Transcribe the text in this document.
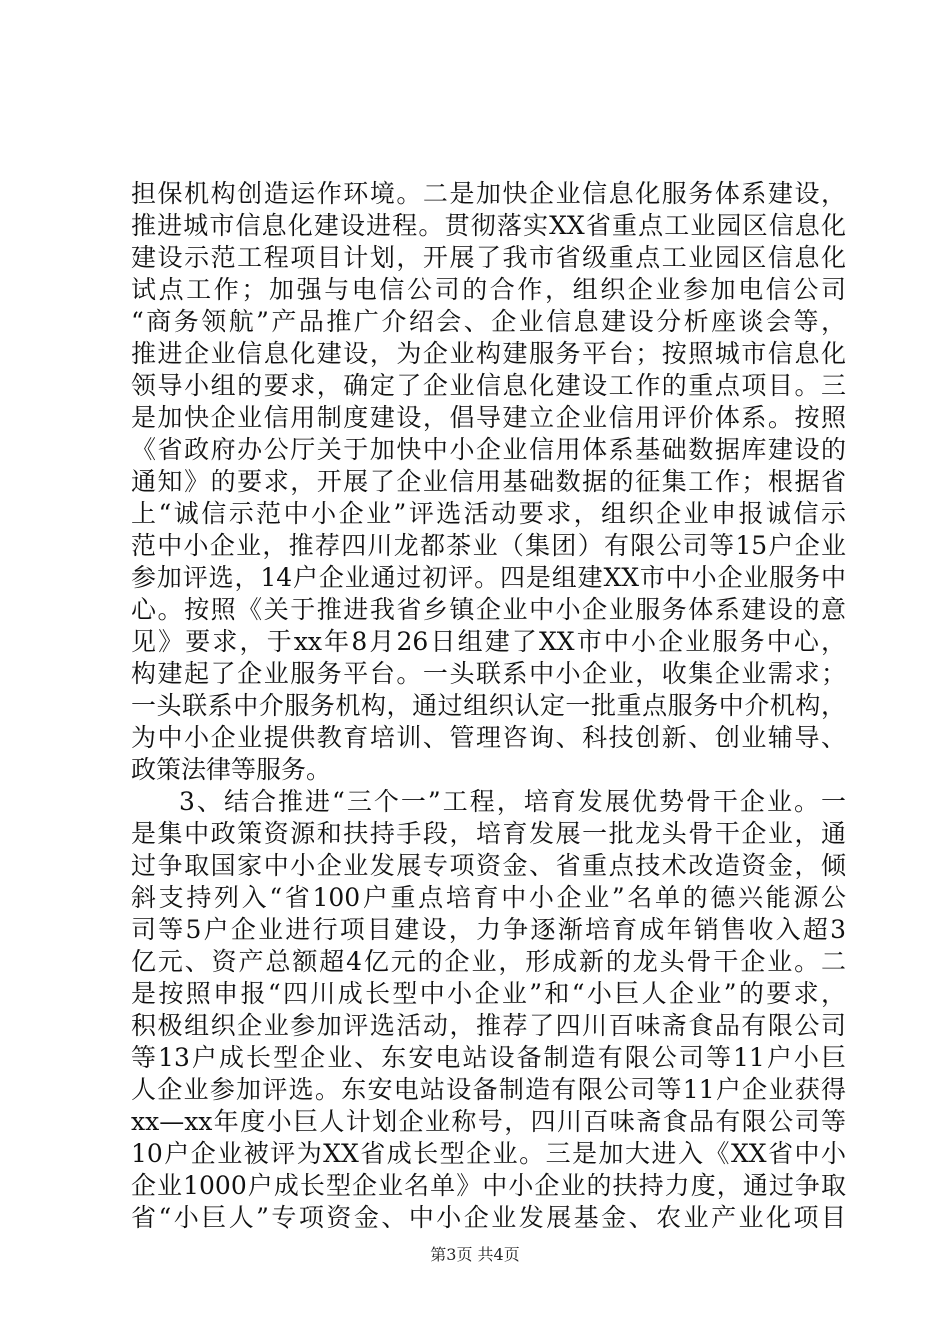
担保机构创造运作环境。二是加快企业信息化服务体系建设，
推进城市信息化建设进程。贯彻落实XX省重点工业园区信息化
建设示范工程项目计划，开展了我市省级重点工业园区信息化
试点工作；加强与电信公司的合作，组织企业参加电信公司
“商务领航”产品推广介绍会、企业信息建设分析座谈会等，
推进企业信息化建设，为企业构建服务平台；按照城市信息化
领导小组的要求，确定了企业信息化建设工作的重点项目。三
是加快企业信用制度建设，倡导建立企业信用评价体系。按照
《省政府办公厅关于加快中小企业信用体系基础数据库建设的
通知》的要求，开展了企业信用基础数据的征集工作；根据省
上“诚信示范中小企业”评选活动要求，组织企业申报诚信示
范中小企业，推荐四川龙都茶业（集团）有限公司等15户企业
参加评选，14户企业通过初评。四是组建XX市中小企业服务中
心。按照《关于推进我省乡镇企业中小企业服务体系建设的意
见》要求，于xx年8月26日组建了XX市中小企业服务中心，
构建起了企业服务平台。一头联系中小企业，收集企业需求；
一头联系中介服务机构，通过组织认定一批重点服务中介机构，
为中小企业提供教育培训、管理咨询、科技创新、创业辅导、
政策法律等服务。
3、结合推进“三个一”工程，培育发展优势骨干企业。一
是集中政策资源和扶持手段，培育发展一批龙头骨干企业，通
过争取国家中小企业发展专项资金、省重点技术改造资金，倾
斜支持列入“省100户重点培育中小企业”名单的德兴能源公
司等5户企业进行项目建设，力争逐渐培育成年销售收入超3
亿元、资产总额超4亿元的企业，形成新的龙头骨干企业。二
是按照申报“四川成长型中小企业”和“小巨人企业”的要求，
积极组织企业参加评选活动，推荐了四川百味斋食品有限公司
等13户成长型企业、东安电站设备制造有限公司等11户小巨
人企业参加评选。东安电站设备制造有限公司等11户企业获得
xx—xx年度小巨人计划企业称号，四川百味斋食品有限公司等
10户企业被评为XX省成长型企业。三是加大进入《XX省中小
企业1000户成长型企业名单》中小企业的扶持力度，通过争取
省“小巨人”专项资金、中小企业发展基金、农业产业化项目
第3页 共4页
